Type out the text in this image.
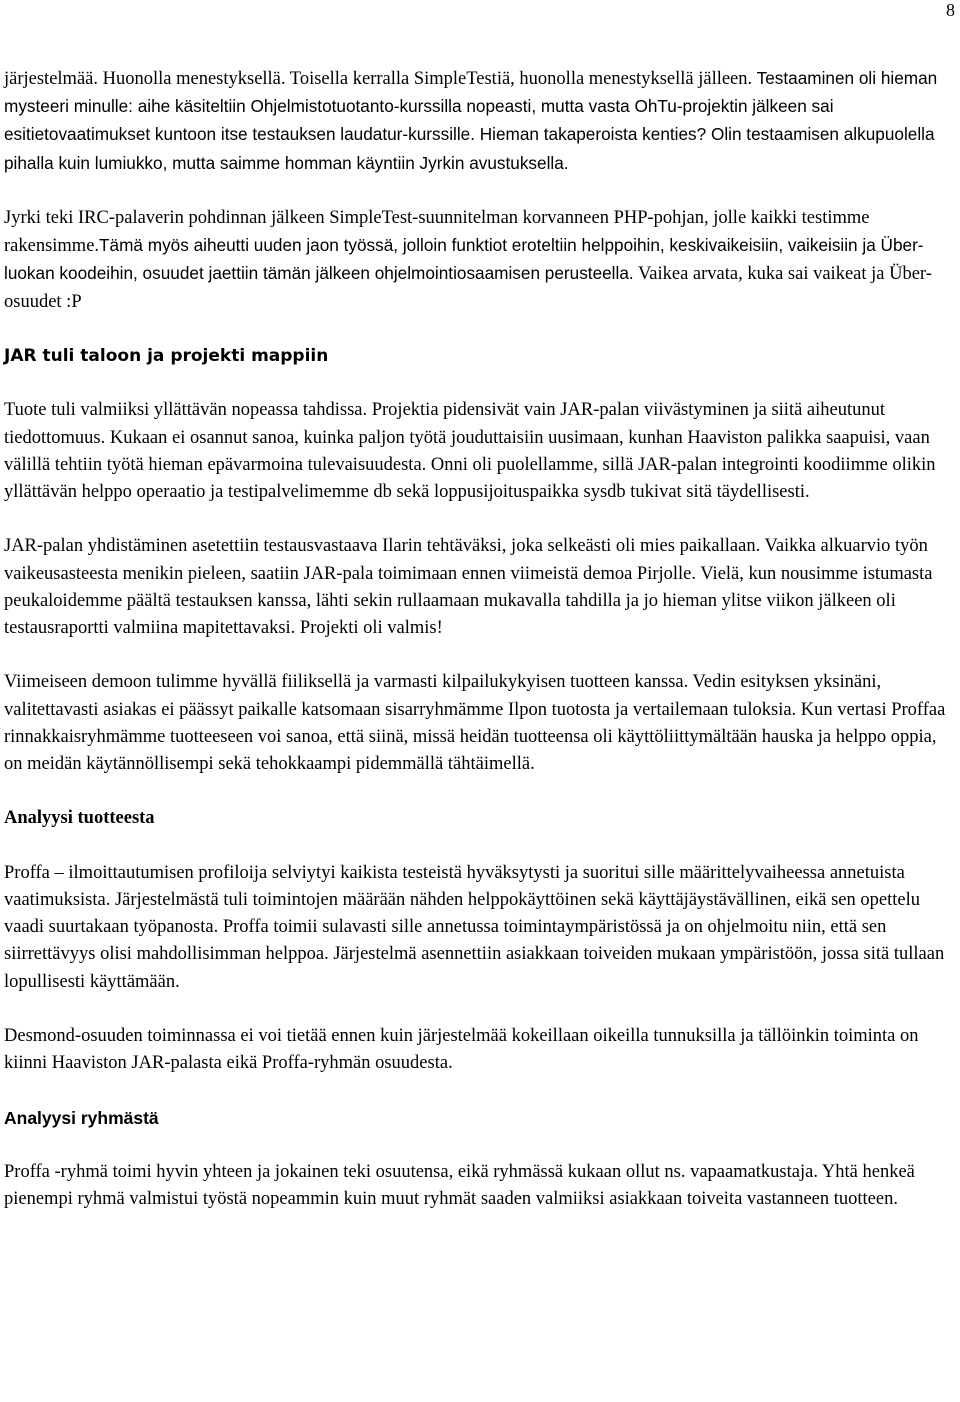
8

järjestelmää. Huonolla menestyksellä. Toisella kerralla SimpleTestiä, huonolla menestyksellä jälleen. Testaaminen oli hieman mysteeri minulle: aihe käsiteltiin Ohjelmistotuotanto-kurssilla nopeasti, mutta vasta OhTu-projektin jälkeen sai esitietovaatimukset kuntoon itse testauksen laudatur-kurssille. Hieman takaperoista kenties? Olin testaamisen alkupuolella pihalla kuin lumiukko, mutta saimme homman käyntiin Jyrkin avustuksella.

Jyrki teki IRC-palaverin pohdinnan jälkeen SimpleTest-suunnitelman korvanneen PHP-pohjan, jolle kaikki testimme rakensimme.Tämä myös aiheutti uuden jaon työssä, jolloin funktiot eroteltiin helppoihin, keskivaikeisiin, vaikeisiin ja Über-luokan koodeihin, osuudet jaettiin tämän jälkeen ohjelmointiosaamisen perusteella. Vaikea arvata, kuka sai vaikeat ja Über-osuudet :P

JAR tuli taloon ja projekti mappiin

Tuote tuli valmiiksi yllättävän nopeassa tahdissa. Projektia pidensivät vain JAR-palan viivästyminen ja siitä aiheutunut tiedottomuus. Kukaan ei osannut sanoa, kuinka paljon työtä jouduttaisiin uusimaan, kunhan Haaviston palikka saapuisi, vaan välillä tehtiin työtä hieman epävarmoina tulevaisuudesta. Onni oli puolellamme, sillä JAR-palan integrointi koodiimme olikin yllättävän helppo operaatio ja testipalvelimemme db sekä loppusijoituspaikka sysdb tukivat sitä täydellisesti.

JAR-palan yhdistäminen asetettiin testausvastaava Ilarin tehtäväksi, joka selkeästi oli mies paikallaan. Vaikka alkuarvio työn vaikeusasteesta menikin pieleen, saatiin JAR-pala toimimaan ennen viimeistä demoa Pirjolle. Vielä, kun nousimme istumasta peukaloidemme päältä testauksen kanssa, lähti sekin rullaamaan mukavalla tahdilla ja jo hieman ylitse viikon jälkeen oli testausraportti valmiina mapitettavaksi. Projekti oli valmis!

Viimeiseen demoon tulimme hyvällä fiiliksellä ja varmasti kilpailukykyisen tuotteen kanssa. Vedin esityksen yksinäni, valitettavasti asiakas ei päässyt paikalle katsomaan sisarryhmämme Ilpon tuotosta ja vertailemaan tuloksia. Kun vertasi Proffaa rinnakkaisryhmämme tuotteeseen voi sanoa, että siinä, missä heidän tuotteensa oli käyttöliittymältään hauska ja helppo oppia, on meidän käytännöllisempi sekä tehokkaampi pidemmällä tähtäimellä.

Analyysi tuotteesta

Proffa – ilmoittautumisen profiloija selviytyi kaikista testeistä hyväksytysti ja suoritui sille määrittelyvaiheessa annetuista vaatimuksista. Järjestelmästä tuli toimintojen määrään nähden helppokäyttöinen sekä käyttäjäystävällinen, eikä sen opettelu vaadi suurtakaan työpanosta. Proffa toimii sulavasti sille annetussa toimintaympäristössä ja on ohjelmoitu niin, että sen siirrettävyys olisi mahdollisimman helppoa. Järjestelmä asennettiin asiakkaan toiveiden mukaan ympäristöön, jossa sitä tullaan lopullisesti käyttämään.

Desmond-osuuden toiminnassa ei voi tietää ennen kuin järjestelmää kokeillaan oikeilla tunnuksilla ja tällöinkin toiminta on kiinni Haaviston JAR-palasta eikä Proffa-ryhmän osuudesta.

Analyysi ryhmästä

Proffa -ryhmä toimi hyvin yhteen ja jokainen teki osuutensa, eikä ryhmässä kukaan ollut ns. vapaamatkustaja. Yhtä henkeä pienempi ryhmä valmistui työstä nopeammin kuin muut ryhmät saaden valmiiksi asiakkaan toiveita vastanneen tuotteen.
